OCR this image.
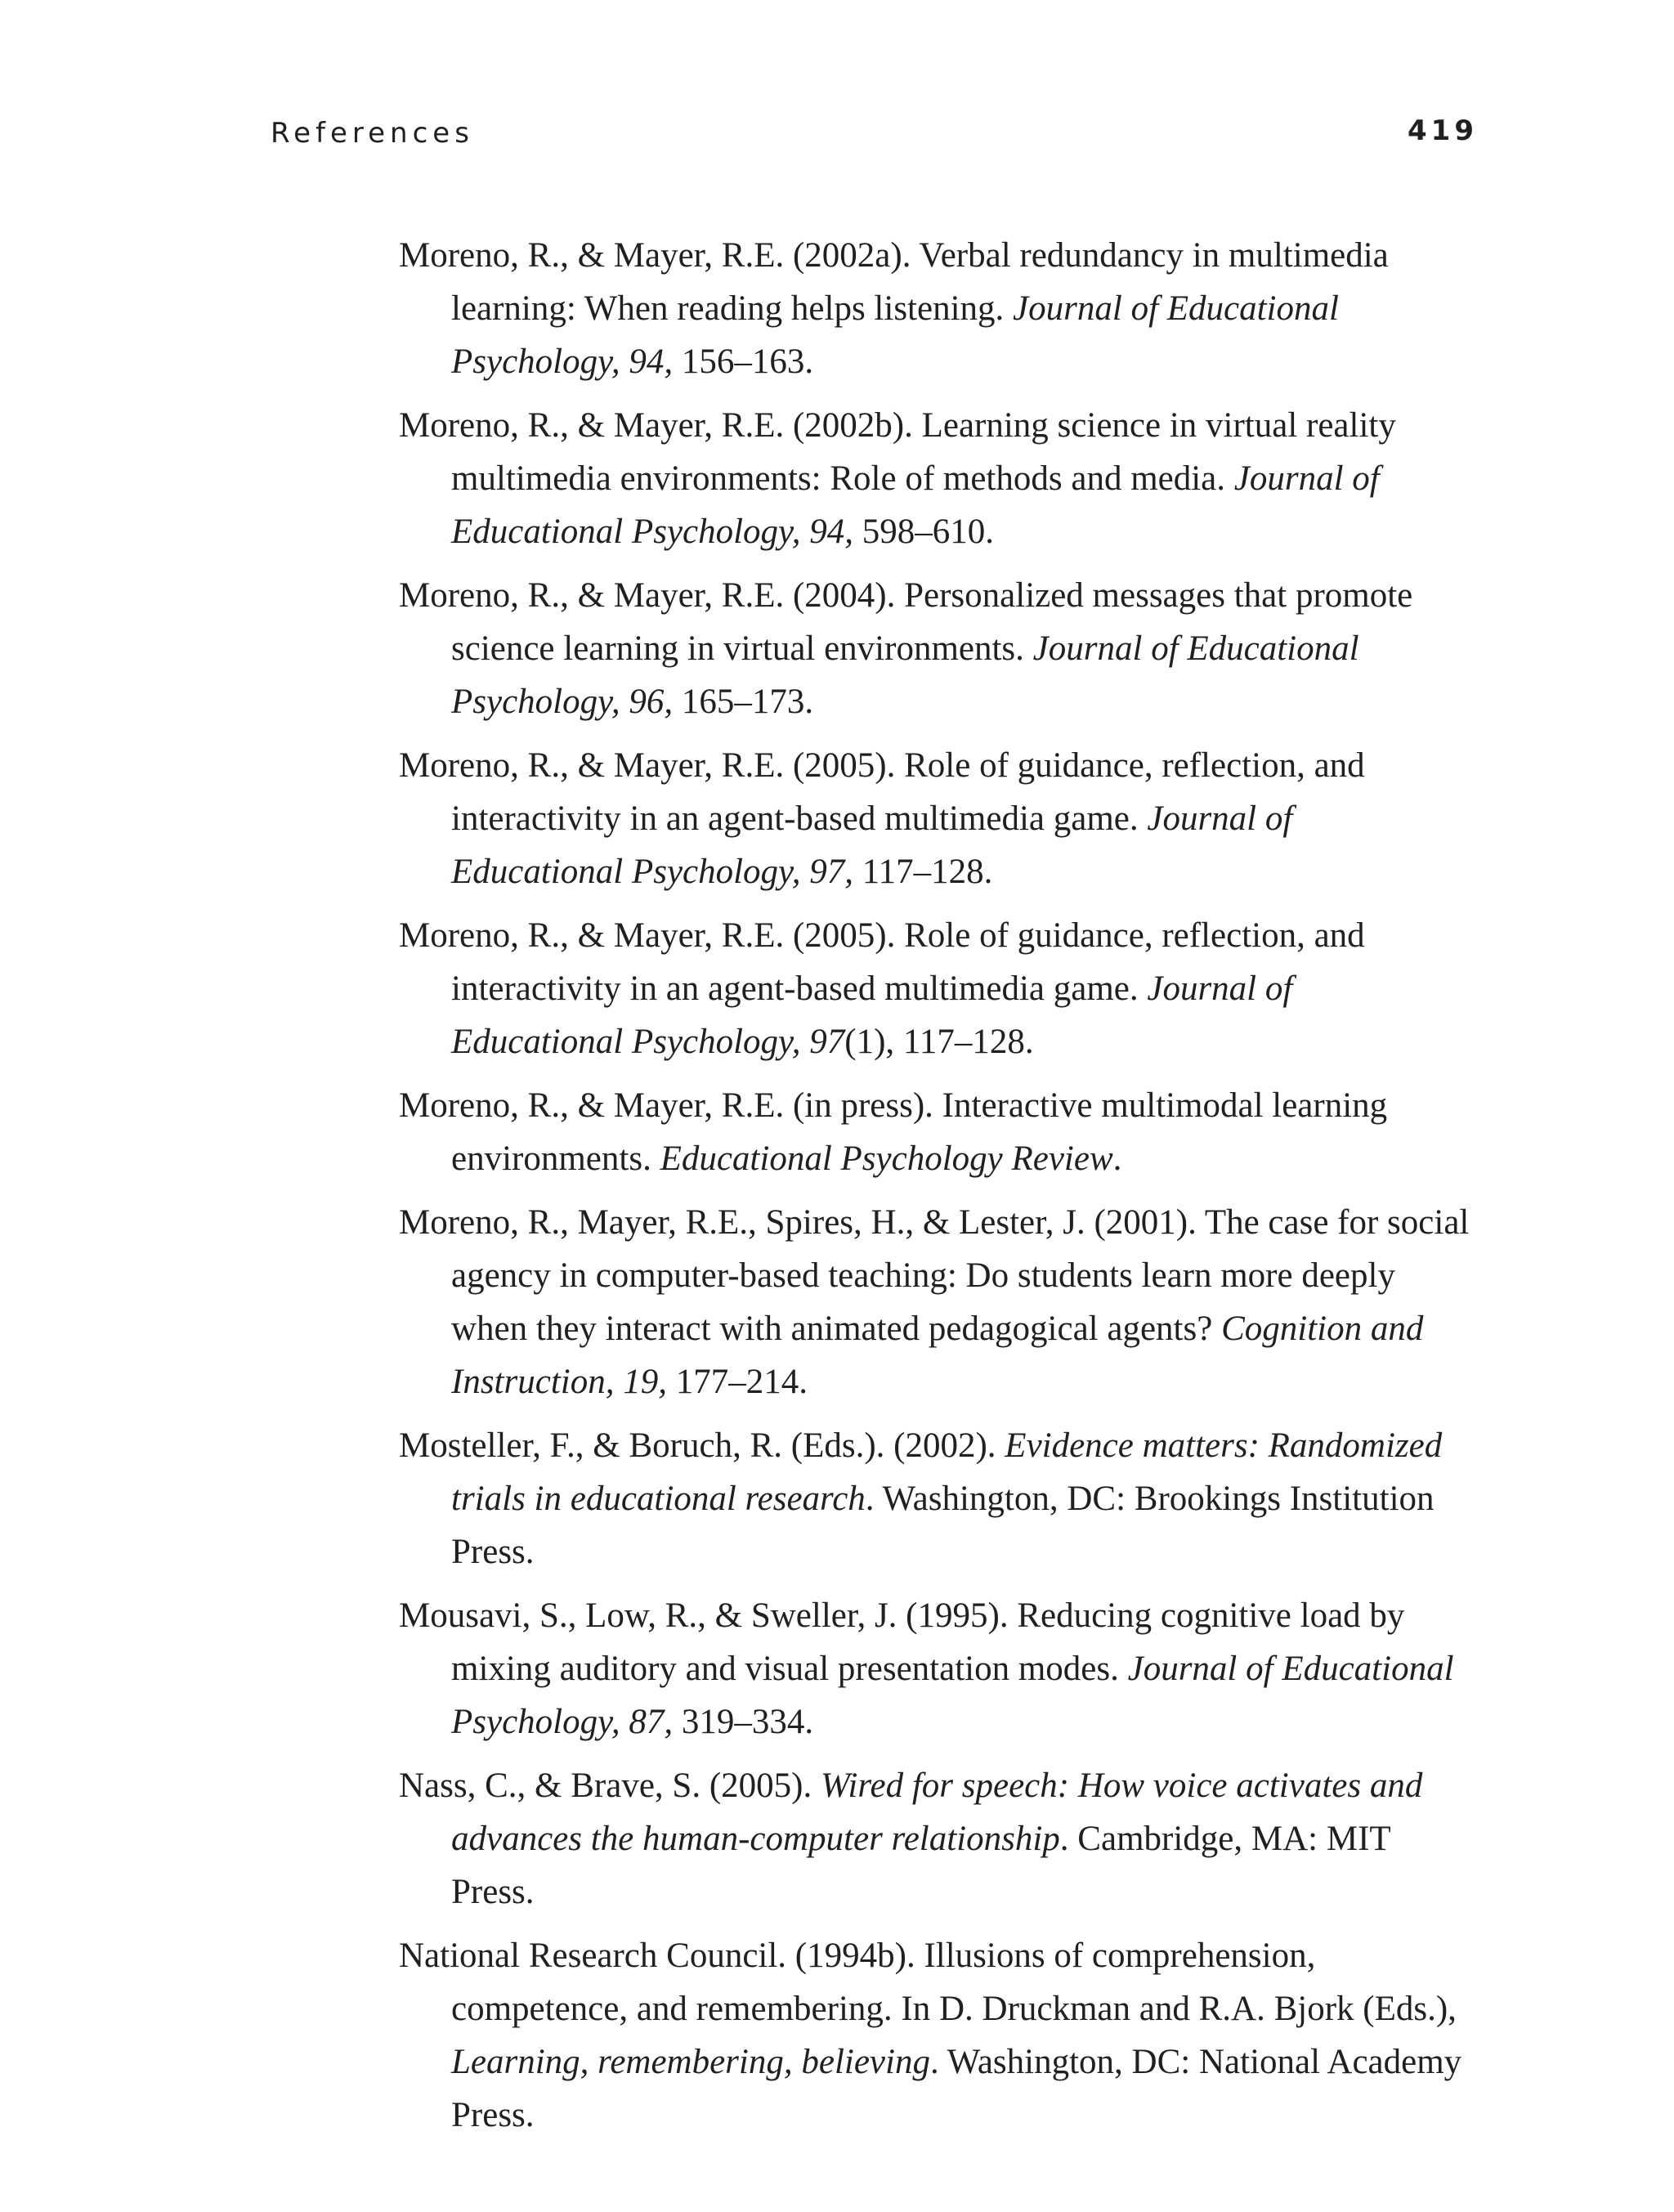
References	419
Moreno, R., & Mayer, R.E. (2002a). Verbal redundancy in multimedia learning: When reading helps listening. Journal of Educational Psychology, 94, 156–163.
Moreno, R., & Mayer, R.E. (2002b). Learning science in virtual reality multimedia environments: Role of methods and media. Journal of Educational Psychology, 94, 598–610.
Moreno, R., & Mayer, R.E. (2004). Personalized messages that promote science learning in virtual environments. Journal of Educational Psychology, 96, 165–173.
Moreno, R., & Mayer, R.E. (2005). Role of guidance, reflection, and interactivity in an agent-based multimedia game. Journal of Educational Psychology, 97, 117–128.
Moreno, R., & Mayer, R.E. (2005). Role of guidance, reflection, and interactivity in an agent-based multimedia game. Journal of Educational Psychology, 97(1), 117–128.
Moreno, R., & Mayer, R.E. (in press). Interactive multimodal learning environments. Educational Psychology Review.
Moreno, R., Mayer, R.E., Spires, H., & Lester, J. (2001). The case for social agency in computer-based teaching: Do students learn more deeply when they interact with animated pedagogical agents? Cognition and Instruction, 19, 177–214.
Mosteller, F., & Boruch, R. (Eds.). (2002). Evidence matters: Randomized trials in educational research. Washington, DC: Brookings Institution Press.
Mousavi, S., Low, R., & Sweller, J. (1995). Reducing cognitive load by mixing auditory and visual presentation modes. Journal of Educational Psychology, 87, 319–334.
Nass, C., & Brave, S. (2005). Wired for speech: How voice activates and advances the human-computer relationship. Cambridge, MA: MIT Press.
National Research Council. (1994b). Illusions of comprehension, competence, and remembering. In D. Druckman and R.A. Bjork (Eds.), Learning, remembering, believing. Washington, DC: National Academy Press.
